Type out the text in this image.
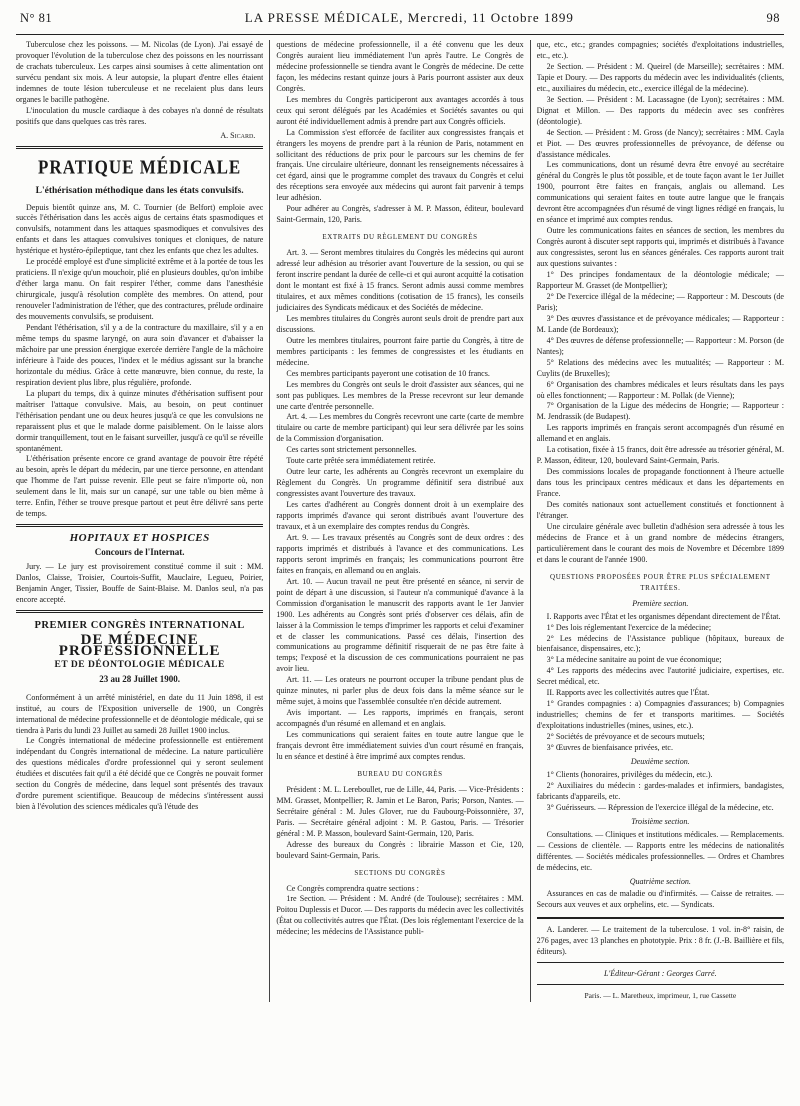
N° 81	LA PRESSE MÉDICALE, Mercredi, 11 Octobre 1899	98

Tuberculose chez les poissons. — M. Nicolas (de Lyon). J'ai essayé de provoquer l'évolution de la tuberculose chez des poissons en les nourrissant de crachats tuberculeux. Les carpes ainsi soumises à cette alimentation ont survécu pendant six mois. A leur autopsie, la plupart d'entre elles étaient indemnes de toute lésion tuberculeuse et ne recelaient plus dans leurs organes le bacille pathogène.

L'inoculation du muscle cardiaque à des cobayes n'a donné de résultats positifs que dans quelques cas très rares.

A. Sicard.
PRATIQUE MÉDICALE
L'éthérisation méthodique dans les états convulsifs.

Depuis bientôt quinze ans, M. C. Tournier (de Belfort) emploie avec succès l'éthérisation dans les accès aigus de certains états spasmodiques et convulsifs, notamment dans les attaques spasmodiques et convulsives des enfants et dans les attaques convulsives toniques et cloniques, de nature hystérique et hystéro-épileptique, tant chez les enfants que chez les adultes.

Le procédé employé est d'une simplicité extrême et à la portée de tous les praticiens. Il n'exige qu'un mouchoir, plié en plusieurs doubles, qu'on imbibe d'éther larga manu. On fait respirer l'éther, comme dans l'anesthésie chirurgicale, jusqu'à résolution complète des membres. On attend, pour renouveler l'administration de l'éther, que des contractures, prélude ordinaire des mouvements convulsifs, se produisent.

Pendant l'éthérisation, s'il y a de la contracture du maxillaire, s'il y a en même temps du spasme laryngé, on aura soin d'avancer et d'abaisser la mâchoire par une pression énergique exercée derrière l'angle de la mâchoire inférieure à l'aide des pouces, l'index et le médius agissant sur la branche horizontale du médius. Grâce à cette manœuvre, bien connue, du reste, la respiration devient plus libre, plus régulière, profonde.

La plupart du temps, dix à quinze minutes d'éthérisation suffisent pour maîtriser l'attaque convulsive. Mais, au besoin, on peut continuer l'éthérisation pendant une ou deux heures jusqu'à ce que les convulsions ne reparaissent plus et que le malade dorme paisiblement. On le laisse alors dormir tranquillement, tout en le faisant surveiller, jusqu'à ce qu'il se réveille spontanément.

L'éthérisation présente encore ce grand avantage de pouvoir être répété au besoin, après le départ du médecin, par une tierce personne, en attendant que l'homme de l'art puisse revenir. Elle peut se faire n'importe où, non seulement dans le lit, mais sur un canapé, sur une table ou bien même à terre. Enfin, l'éther se trouve presque partout et peut être délivré sans perte de temps.

HOPITAUX ET HOSPICES
Concours de l'Internat.

Jury. — Le jury est provisoirement constitué comme il suit : MM. Danlos, Claisse, Troisier, Courtois-Suffit, Mauclaire, Legueu, Poirier, Benjamin Anger, Tissier, Bouffe de Saint-Blaise. M. Danlos seul, n'a pas encore accepté.

PREMIER CONGRÈS INTERNATIONAL
DE MÉDECINE PROFESSIONNELLE
ET DE DÉONTOLOGIE MÉDICALE
23 au 28 Juillet 1900.

Conformément à un arrêté ministériel, en date du 11 Juin 1898, il est institué, au cours de l'Exposition universelle de 1900, un Congrès international de médecine professionnelle et de déontologie médicale, qui se tiendra à Paris du lundi 23 Juillet au samedi 28 Juillet 1900 inclus.

Le Congrès international de médecine professionnelle est entièrement indépendant du Congrès international de médecine. La nature particulière des questions médicales d'ordre professionnel qui y seront seulement étudiées et discutées fait qu'il a été décidé que ce Congrès ne pouvait former section du Congrès de médecine, dans lequel sont présentés des travaux d'ordre purement scientifique. Beaucoup de médecins s'intéressent aussi bien à l'évolution des sciences médicales qu'à l'étude des

questions de médecine professionnelle, il a été convenu que les deux Congrès auraient lieu immédiatement l'un après l'autre. Le Congrès de médecine professionnelle se tiendra avant le Congrès de médecine. De cette façon, les médecins restant quinze jours à Paris pourront assister aux deux Congrès.

Les membres du Congrès participeront aux avantages accordés à tous ceux qui seront délégués par les Académies et Sociétés savantes ou qui auront été individuellement admis à prendre part aux Congrès officiels.

La Commission s'est efforcée de faciliter aux congressistes français et étrangers les moyens de prendre part à la réunion de Paris, notamment en sollicitant des réductions de prix pour le parcours sur les chemins de fer français. Une circulaire ultérieure, donnant les renseignements nécessaires à cet égard, ainsi que le programme complet des travaux du Congrès et celui des réceptions sera envoyée aux médecins qui auront fait parvenir à temps leur adhésion.

Pour adhérer au Congrès, s'adresser à M. P. Masson, éditeur, boulevard Saint-Germain, 120, Paris.

EXTRAITS DU RÈGLEMENT DU CONGRÈS

Art. 3. — Seront membres titulaires du Congrès les médecins qui auront adressé leur adhésion au trésorier avant l'ouverture de la session, ou qui se feront inscrire pendant la durée de celle-ci et qui auront acquitté la cotisation dont le montant est fixé à 15 francs. Seront admis aussi comme membres titulaires, et aux mêmes conditions (cotisation de 15 francs), les conseils judiciaires des Syndicats médicaux et des Sociétés de médecine.

Les membres titulaires du Congrès auront seuls droit de prendre part aux discussions.

Outre les membres titulaires, pourront faire partie du Congrès, à titre de membres participants : les femmes de congressistes et les étudiants en médecine.

Ces membres participants payeront une cotisation de 10 francs.

Les membres du Congrès ont seuls le droit d'assister aux séances, qui ne sont pas publiques. Les membres de la Presse recevront sur leur demande une carte d'entrée personnelle.

Art. 4. — Les membres du Congrès recevront une carte (carte de membre titulaire ou carte de membre participant) qui leur sera délivrée par les soins de la Commission d'organisation.

Ces cartes sont strictement personnelles.

Toute carte prêtée sera immédiatement retirée.

Outre leur carte, les adhérents au Congrès recevront un exemplaire du Règlement du Congrès. Un programme définitif sera distribué aux congressistes avant l'ouverture des travaux.

Les cartes d'adhérent au Congrès donnent droit à un exemplaire des rapports imprimés d'avance qui seront distribués avant l'ouverture des travaux, et à un exemplaire des comptes rendus du Congrès.

Art. 9. — Les travaux présentés au Congrès sont de deux ordres : des rapports imprimés et distribués à l'avance et des communications. Les rapports seront imprimés en français; les communications pourront être faites en français, en allemand ou en anglais.

Art. 10. — Aucun travail ne peut être présenté en séance, ni servir de point de départ à une discussion, si l'auteur n'a communiqué d'avance à la Commission d'organisation le manuscrit des rapports avant le 1er Janvier 1900. Les adhérents au Congrès sont priés d'observer ces délais, afin de laisser à la Commission le temps d'imprimer les rapports et celui d'examiner et de classer les communications. Passé ces délais, l'insertion des communications au programme définitif risquerait de ne pas être faite à temps; l'exposé et la discussion de ces communications pourraient ne pas avoir lieu.

Art. 11. — Les orateurs ne pourront occuper la tribune pendant plus de quinze minutes, ni parler plus de deux fois dans la même séance sur le même sujet, à moins que l'assemblée consultée n'en décide autrement.

Avis important. — Les rapports, imprimés en français, seront accompagnés d'un résumé en allemand et en anglais.

Les communications qui seraient faites en toute autre langue que le français devront être immédiatement suivies d'un court résumé en français, lu en séance et destiné à être imprimé aux comptes rendus.

BUREAU DU CONGRÈS

Président : M. L. Lereboullet, rue de Lille, 44, Paris. — Vice-Présidents : MM. Grasset, Montpellier; R. Jamin et Le Baron, Paris; Porson, Nantes. — Secrétaire général : M. Jules Glover, rue du Faubourg-Poissonnière, 37, Paris. — Secrétaire général adjoint : M. P. Gastou, Paris. — Trésorier général : M. P. Masson, boulevard Saint-Germain, 120, Paris.

Adresse des bureaux du Congrès : librairie Masson et Cie, 120, boulevard Saint-Germain, Paris.

SECTIONS DU CONGRÈS

Ce Congrès comprendra quatre sections :

1re Section. — Président : M. André (de Toulouse); secrétaires : MM. Poitou Duplessis et Ducor. — Des rapports du médecin avec les collectivités (État ou collectivités autres que l'État. (Des lois réglementant l'exercice de la médecine; les médecins de l'Assistance publi-

que, etc., etc.; grandes compagnies; sociétés d'exploitations industrielles, etc., etc.).

2e Section. — Président : M. Queirel (de Marseille); secrétaires : MM. Tapie et Doury. — Des rapports du médecin avec les individualités (clients, etc., auxiliaires du médecin, etc., exercice illégal de la médecine).

3e Section. — Président : M. Lacassagne (de Lyon); secrétaires : MM. Dignat et Millon. — Des rapports du médecin avec ses confrères (déontologie).

4e Section. — Président : M. Gross (de Nancy); secrétaires : MM. Cayla et Piot. — Des œuvres professionnelles de prévoyance, de défense ou d'assistance médicales.

Les communications, dont un résumé devra être envoyé au secrétaire général du Congrès le plus tôt possible, et de toute façon avant le 1er Juillet 1900, pourront être faites en français, anglais ou allemand. Les communications qui seraient faites en toute autre langue que le français devront être accompagnées d'un résumé de vingt lignes rédigé en français, lu en séance et imprimé aux comptes rendus.

Outre les communications faites en séances de section, les membres du Congrès auront à discuter sept rapports qui, imprimés et distribués à l'avance aux congressistes, seront lus en séances générales. Ces rapports auront trait aux questions suivantes :

1° Des principes fondamentaux de la déontologie médicale; — Rapporteur M. Grasset (de Montpellier);

2° De l'exercice illégal de la médecine; — Rapporteur : M. Descouts (de Paris);

3° Des œuvres d'assistance et de prévoyance médicales; — Rapporteur : M. Lande (de Bordeaux);

4° Des œuvres de défense professionnelle; — Rapporteur : M. Porson (de Nantes);

5° Relations des médecins avec les mutualités; — Rapporteur : M. Cuylits (de Bruxelles);

6° Organisation des chambres médicales et leurs résultats dans les pays où elles fonctionnent; — Rapporteur : M. Pollak (de Vienne);

7° Organisation de la Ligue des médecins de Hongrie; — Rapporteur : M. Jendrassik (de Budapest).

Les rapports imprimés en français seront accompagnés d'un résumé en allemand et en anglais.

La cotisation, fixée à 15 francs, doit être adressée au trésorier général, M. P. Masson, éditeur, 120, boulevard Saint-Germain, Paris.

Des commissions locales de propagande fonctionnent à l'heure actuelle dans tous les principaux centres médicaux et dans les départements en France.

Des comités nationaux sont actuellement constitués et fonctionnent à l'étranger.

Une circulaire générale avec bulletin d'adhésion sera adressée à tous les médecins de France et à un grand nombre de médecins étrangers, particulièrement dans le courant des mois de Novembre et Décembre 1899 et dans le courant de l'année 1900.

QUESTIONS PROPOSÉES POUR ÊTRE PLUS SPÉCIALEMENT TRAITÉES.
Première section.

I. Rapports avec l'État et les organismes dépendant directement de l'État.

1° Des lois réglementant l'exercice de la médecine;

2° Les médecins de l'Assistance publique (hôpitaux, bureaux de bienfaisance, dispensaires, etc.);

3° La médecine sanitaire au point de vue économique;

4° Les rapports des médecins avec l'autorité judiciaire, expertises, etc. Secret médical, etc.

II. Rapports avec les collectivités autres que l'État.

1° Grandes compagnies : a) Compagnies d'assurances; b) Compagnies industrielles; chemins de fer et transports maritimes. — Sociétés d'exploitations industrielles (mines, usines, etc.).

2° Sociétés de prévoyance et de secours mutuels;

3° Œuvres de bienfaisance privées, etc.

Deuxième section.

1° Clients (honoraires, privilèges du médecin, etc.).

2° Auxiliaires du médecin : gardes-malades et infirmiers, bandagistes, fabricants d'appareils, etc.

3° Guérisseurs. — Répression de l'exercice illégal de la médecine, etc.

Troisième section.

Consultations. — Cliniques et institutions médicales. — Remplacements. — Cessions de clientèle. — Rapports entre les médecins de nationalités différentes. — Sociétés médicales professionnelles. — Ordres et Chambres de médecins, etc.

Quatrième section.

Assurances en cas de maladie ou d'infirmités. — Caisse de retraites. — Secours aux veuves et aux orphelins, etc. — Syndicats.

A. Landerer. — Le traitement de la tuberculose. 1 vol. in-8° raisin, de 276 pages, avec 13 planches en phototypie. Prix : 8 fr. (J.-B. Baillière et fils, éditeurs).

L'Éditeur-Gérant : Georges Carré.
Paris. — L. Maretheux, imprimeur, 1, rue Cassette
